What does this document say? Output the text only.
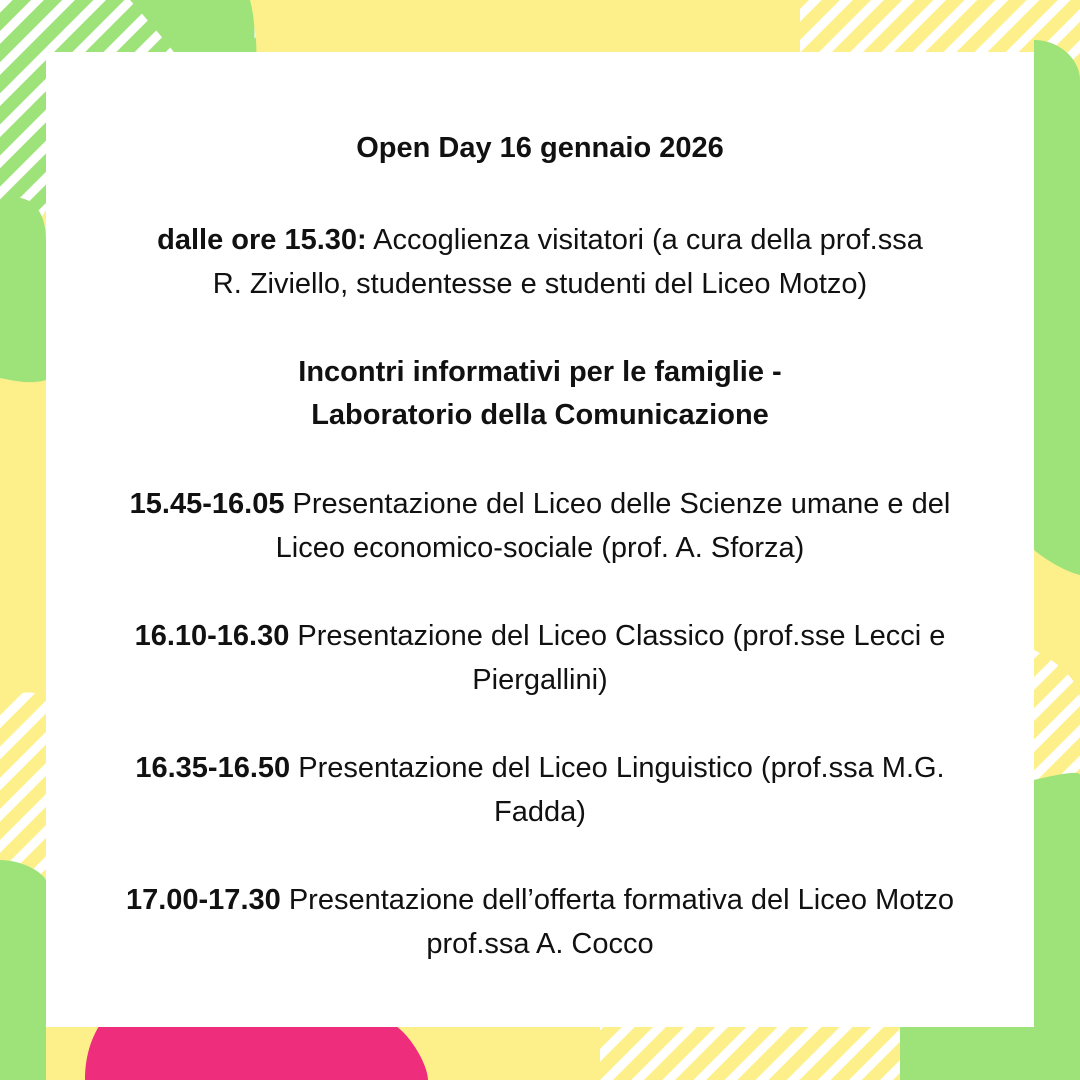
Open Day 16 gennaio 2026
dalle ore 15.30: Accoglienza visitatori (a cura della prof.ssa
R. Ziviello, studentesse e studenti del Liceo Motzo)
Incontri informativi per le famiglie -
Laboratorio della Comunicazione
15.45-16.05 Presentazione del Liceo delle Scienze umane e del
Liceo economico-sociale (prof. A. Sforza)
16.10-16.30 Presentazione del Liceo Classico (prof.sse Lecci e
Piergallini)
16.35-16.50 Presentazione del Liceo Linguistico (prof.ssa M.G.
Fadda)
17.00-17.30 Presentazione dell’offerta formativa del Liceo Motzo
prof.ssa A. Cocco
